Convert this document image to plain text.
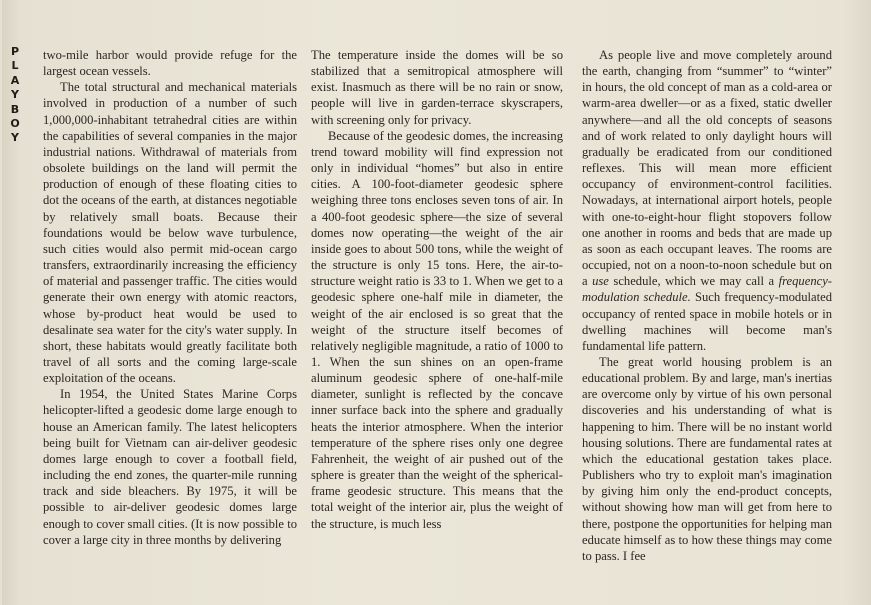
P
L
A
Y
B
O
Y

two-mile harbor would provide refuge for the largest ocean vessels.

The total structural and mechanical materials involved in production of a number of such 1,000,000-inhabitant tetrahedral cities are within the capabilities of several companies in the major industrial nations. Withdrawal of materials from obsolete buildings on the land will permit the production of enough of these floating cities to dot the oceans of the earth, at distances negotiable by relatively small boats. Because their foundations would be below wave turbulence, such cities would also permit mid-ocean cargo transfers, extraordinarily increasing the efficiency of material and passenger traffic. The cities would generate their own energy with atomic reactors, whose by-product heat would be used to desalinate sea water for the city's water supply. In short, these habitats would greatly facilitate both travel of all sorts and the coming large-scale exploitation of the oceans.

In 1954, the United States Marine Corps helicopter-lifted a geodesic dome large enough to house an American family. The latest helicopters being built for Vietnam can air-deliver geodesic domes large enough to cover a football field, including the end zones, the quarter-mile running track and side bleachers. By 1975, it will be possible to air-deliver geodesic domes large enough to cover small cities. (It is now possible to cover a large city in three months by delivering

The temperature inside the domes will be so stabilized that a semitropical atmosphere will exist. Inasmuch as there will be no rain or snow, people will live in garden-terrace skyscrapers, with screening only for privacy.

Because of the geodesic domes, the increasing trend toward mobility will find expression not only in individual “homes” but also in entire cities. A 100-foot-diameter geodesic sphere weighing three tons encloses seven tons of air. In a 400-foot geodesic sphere—the size of several domes now operating—the weight of the air inside goes to about 500 tons, while the weight of the structure is only 15 tons. Here, the air-to-structure weight ratio is 33 to 1. When we get to a geodesic sphere one-half mile in diameter, the weight of the air enclosed is so great that the weight of the structure itself becomes of relatively negligible magnitude, a ratio of 1000 to 1. When the sun shines on an open-frame aluminum geodesic sphere of one-half-mile diameter, sunlight is reflected by the concave inner surface back into the sphere and gradually heats the interior atmosphere. When the interior temperature of the sphere rises only one degree Fahrenheit, the weight of air pushed out of the sphere is greater than the weight of the spherical-frame geodesic structure. This means that the total weight of the interior air, plus the weight of the structure, is much less

As people live and move completely around the earth, changing from “summer” to “winter” in hours, the old concept of man as a cold-area or warm-area dweller—or as a fixed, static dweller anywhere—and all the old concepts of seasons and of work related to only daylight hours will gradually be eradicated from our conditioned reflexes. This will mean more efficient occupancy of environment-control facilities. Nowadays, at international airport hotels, people with one-to-eight-hour flight stopovers follow one another in rooms and beds that are made up as soon as each occupant leaves. The rooms are occupied, not on a noon-to-noon schedule but on a use schedule, which we may call a frequency-modulation schedule. Such frequency-modulated occupancy of rented space in mobile hotels or in dwelling machines will become man's fundamental life pattern.

The great world housing problem is an educational problem. By and large, man's inertias are overcome only by virtue of his own personal discoveries and his understanding of what is happening to him. There will be no instant world housing solutions. There are fundamental rates at which the educational gestation takes place. Publishers who try to exploit man's imagination by giving him only the end-product concepts, without showing how man will get from here to there, postpone the opportunities for helping man educate himself as to how these things may come to pass. I fee
